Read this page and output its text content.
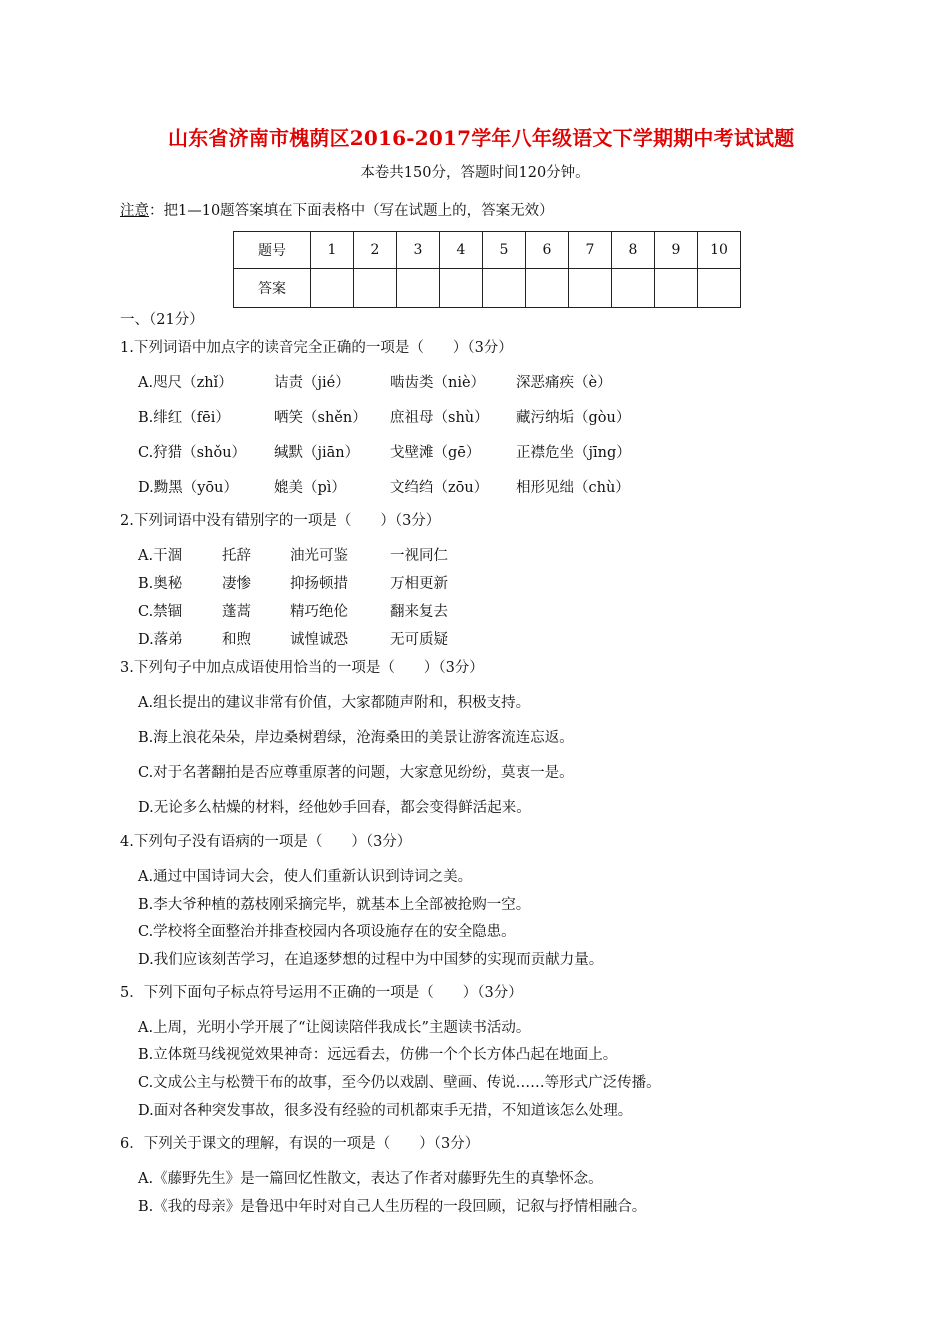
山东省济南市槐荫区2016-2017学年八年级语文下学期期中考试试题
本卷共150分，答题时间120分钟。
注意：把1—10题答案填在下面表格中（写在试题上的，答案无效）
题号	1	2	3	4	5	6	7	8	9	10
答案										
一、（21分）
1.下列词语中加点字的读音完全正确的一项是（　　）（3分）
A.咫尺（zhǐ）	诘责（jié）	啮齿类（niè） 深恶痛疾（è）
B.绯红（fēi）	哂笑（shěn） 庶祖母（shù） 藏污纳垢（gòu）
C.狩猎（shǒu） 缄默（jiān） 戈壁滩（gē） 正襟危坐（jīng）
D.黝黑（yōu） 媲美（pì）	文绉绉（zōu） 相形见绌（chù）
2.下列词语中没有错别字的一项是（　　）（3分）
A.干涸	托辞	油光可鉴	一视同仁
B.奥秘	凄惨	抑扬顿措	万相更新
C.禁锢	蓬蒿	精巧绝伦	翻来复去
D.落弟	和煦	诚惶诚恐	无可质疑
3.下列句子中加点成语使用恰当的一项是（　　）（3分）
A.组长提出的建议非常有价值，大家都随声附和，积极支持。
B.海上浪花朵朵，岸边桑树碧绿，沧海桑田的美景让游客流连忘返。
C.对于名著翻拍是否应尊重原著的问题，大家意见纷纷，莫衷一是。
D.无论多么枯燥的材料，经他妙手回春，都会变得鲜活起来。
4.下列句子没有语病的一项是（　　）（3分）
A.通过中国诗词大会，使人们重新认识到诗词之美。
B.李大爷种植的荔枝刚采摘完毕，就基本上全部被抢购一空。
C.学校将全面整治并排查校园内各项设施存在的安全隐患。
D.我们应该刻苦学习，在追逐梦想的过程中为中国梦的实现而贡献力量。
5．下列下面句子标点符号运用不正确的一项是（　　）（3分）
A.上周，光明小学开展了“让阅读陪伴我成长”主题读书活动。
B.立体斑马线视觉效果神奇：远远看去，仿佛一个个长方体凸起在地面上。
C.文成公主与松赞干布的故事，至今仍以戏剧、壁画、传说……等形式广泛传播。
D.面对各种突发事故，很多没有经验的司机都束手无措，不知道该怎么处理。
6．下列关于课文的理解，有误的一项是（　　）（3分）
A.《藤野先生》是一篇回忆性散文，表达了作者对藤野先生的真挚怀念。
B.《我的母亲》是鲁迅中年时对自己人生历程的一段回顾，记叙与抒情相融合。
